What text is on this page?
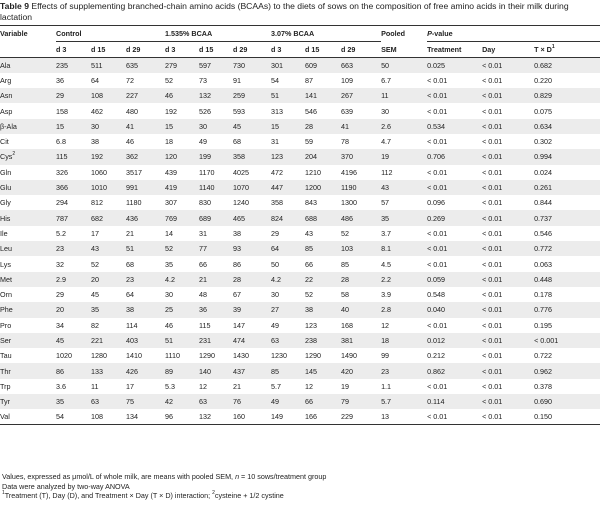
Table 9 Effects of supplementing branched-chain amino acids (BCAAs) to the diets of sows on the composition of free amino acids in their milk during lactation
Variable	Control			1.535% BCAA			3.07% BCAA			Pooled	P-value		
	d 3	d 15	d 29	d 3	d 15	d 29	d 3	d 15	d 29	SEM	Treatment	Day	$T \times D^1$
Ala	235	511	635	279	597	730	301	609	663	50	0.025	< 0.01	0.682
Arg	36	64	72	52	73	91	54	87	109	6.7	< 0.01	< 0.01	0.220
Asn	29	108	227	46	132	259	51	141	267	11	< 0.01	< 0.01	0.829
Asp	158	462	480	192	526	593	313	546	639	30	< 0.01	< 0.01	0.075
β-Ala	15	30	41	15	30	45	15	28	41	2.6	0.534	< 0.01	0.634
Cit	6.8	38	46	18	49	68	31	59	78	4.7	< 0.01	< 0.01	0.302
Cys$^2$	115	192	362	120	199	358	123	204	370	19	0.706	< 0.01	0.994
Gln	326	1060	3517	439	1170	4025	472	1210	4196	112	< 0.01	< 0.01	0.024
Glu	366	1010	991	419	1140	1070	447	1200	1190	43	< 0.01	< 0.01	0.261
Gly	294	812	1180	307	830	1240	358	843	1300	57	0.096	< 0.01	0.844
His	787	682	436	769	689	465	824	688	486	35	0.269	< 0.01	0.737
Ile	5.2	17	21	14	31	38	29	43	52	3.7	< 0.01	< 0.01	0.546
Leu	23	43	51	52	77	93	64	85	103	8.1	< 0.01	< 0.01	0.772
Lys	32	52	68	35	66	86	50	66	85	4.5	< 0.01	< 0.01	0.063
Met	2.9	20	23	4.2	21	28	4.2	22	28	2.2	0.059	< 0.01	0.448
Orn	29	45	64	30	48	67	30	52	58	3.9	0.548	< 0.01	0.178
Phe	20	35	38	25	36	39	27	38	40	2.8	0.040	< 0.01	0.776
Pro	34	82	114	46	115	147	49	123	168	12	< 0.01	< 0.01	0.195
Ser	45	221	403	51	231	474	63	238	381	18	0.012	< 0.01	< 0.001
Tau	1020	1280	1410	1110	1290	1430	1230	1290	1490	99	0.212	< 0.01	0.722
Thr	86	133	426	89	140	437	85	145	420	23	0.862	< 0.01	0.962
Trp	3.6	11	17	5.3	12	21	5.7	12	19	1.1	< 0.01	< 0.01	0.378
Tyr	35	63	75	42	63	76	49	66	79	5.7	0.114	< 0.01	0.690
Val	54	108	134	96	132	160	149	166	229	13	< 0.01	< 0.01	0.150
Values, expressed as μmol/L of whole milk, are means with pooled SEM, n = 10 sows/treatment group
Data were analyzed by two-way ANOVA
$^1$Treatment (T), Day (D), and Treatment × Day (T × D) interaction; $^2$cysteine + 1/2 cystine
